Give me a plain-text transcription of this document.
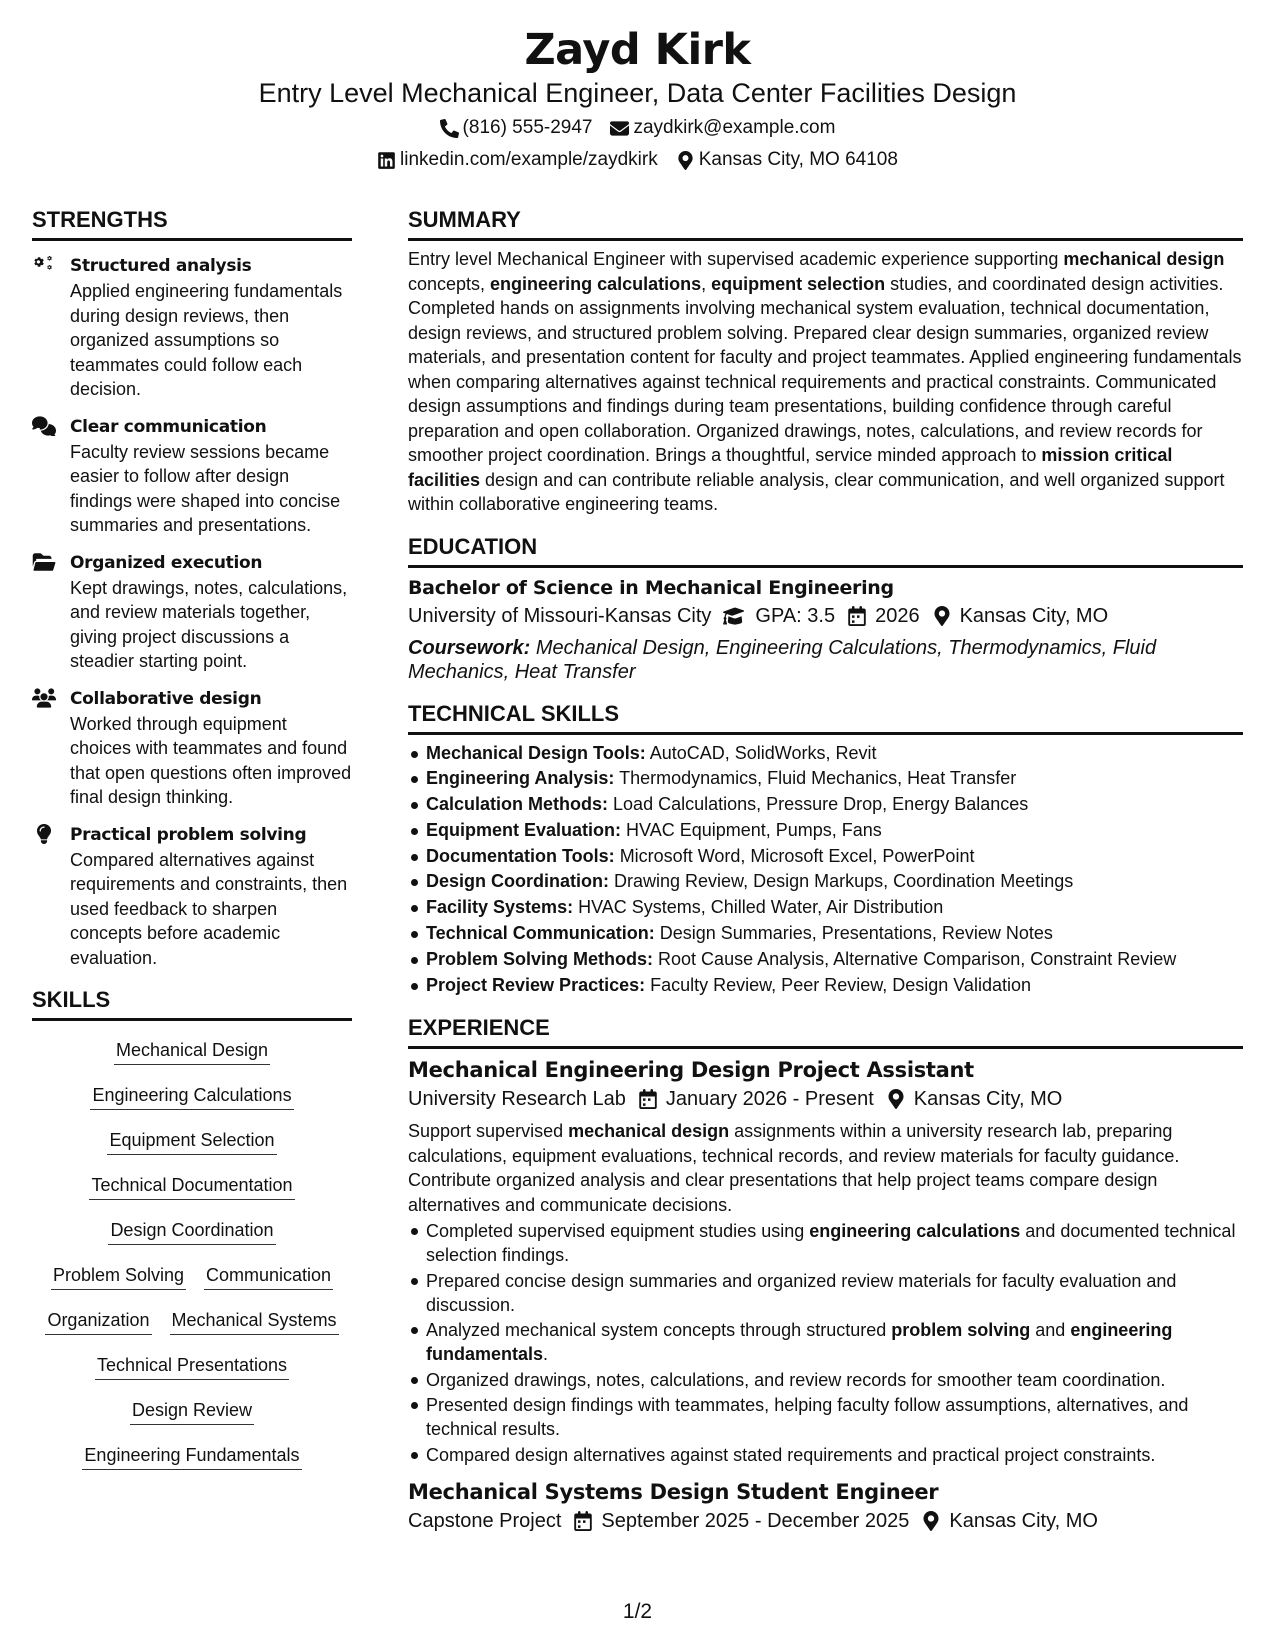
Zayd Kirk
Entry Level Mechanical Engineer, Data Center Facilities Design
(816) 555-2947 zaydkirk@example.com
linkedin.com/example/zaydkirk Kansas City, MO 64108
STRENGTHS
Structured analysis
Applied engineering fundamentals during design reviews, then organized assumptions so teammates could follow each decision.
Clear communication
Faculty review sessions became easier to follow after design findings were shaped into concise summaries and presentations.
Organized execution
Kept drawings, notes, calculations, and review materials together, giving project discussions a steadier starting point.
Collaborative design
Worked through equipment choices with teammates and found that open questions often improved final design thinking.
Practical problem solving
Compared alternatives against requirements and constraints, then used feedback to sharpen concepts before academic evaluation.
SKILLS
Mechanical Design
Engineering Calculations
Equipment Selection
Technical Documentation
Design Coordination
Problem Solving Communication
Organization Mechanical Systems
Technical Presentations
Design Review
Engineering Fundamentals
SUMMARY
Entry level Mechanical Engineer with supervised academic experience supporting mechanical design concepts, engineering calculations, equipment selection studies, and coordinated design activities. Completed hands on assignments involving mechanical system evaluation, technical documentation, design reviews, and structured problem solving. Prepared clear design summaries, organized review materials, and presentation content for faculty and project teammates. Applied engineering fundamentals when comparing alternatives against technical requirements and practical constraints. Communicated design assumptions and findings during team presentations, building confidence through careful preparation and open collaboration. Organized drawings, notes, calculations, and review records for smoother project coordination. Brings a thoughtful, service minded approach to mission critical facilities design and can contribute reliable analysis, clear communication, and well organized support within collaborative engineering teams.
EDUCATION
Bachelor of Science in Mechanical Engineering
University of Missouri-Kansas City GPA: 3.5 2026 Kansas City, MO
Coursework: Mechanical Design, Engineering Calculations, Thermodynamics, Fluid Mechanics, Heat Transfer
TECHNICAL SKILLS
Mechanical Design Tools: AutoCAD, SolidWorks, Revit
Engineering Analysis: Thermodynamics, Fluid Mechanics, Heat Transfer
Calculation Methods: Load Calculations, Pressure Drop, Energy Balances
Equipment Evaluation: HVAC Equipment, Pumps, Fans
Documentation Tools: Microsoft Word, Microsoft Excel, PowerPoint
Design Coordination: Drawing Review, Design Markups, Coordination Meetings
Facility Systems: HVAC Systems, Chilled Water, Air Distribution
Technical Communication: Design Summaries, Presentations, Review Notes
Problem Solving Methods: Root Cause Analysis, Alternative Comparison, Constraint Review
Project Review Practices: Faculty Review, Peer Review, Design Validation
EXPERIENCE
Mechanical Engineering Design Project Assistant
University Research Lab January 2026 - Present Kansas City, MO
Support supervised mechanical design assignments within a university research lab, preparing calculations, equipment evaluations, technical records, and review materials for faculty guidance. Contribute organized analysis and clear presentations that help project teams compare design alternatives and communicate decisions.
Completed supervised equipment studies using engineering calculations and documented technical selection findings.
Prepared concise design summaries and organized review materials for faculty evaluation and discussion.
Analyzed mechanical system concepts through structured problem solving and engineering fundamentals.
Organized drawings, notes, calculations, and review records for smoother team coordination.
Presented design findings with teammates, helping faculty follow assumptions, alternatives, and technical results.
Compared design alternatives against stated requirements and practical project constraints.
Mechanical Systems Design Student Engineer
Capstone Project September 2025 - December 2025 Kansas City, MO
1/2
